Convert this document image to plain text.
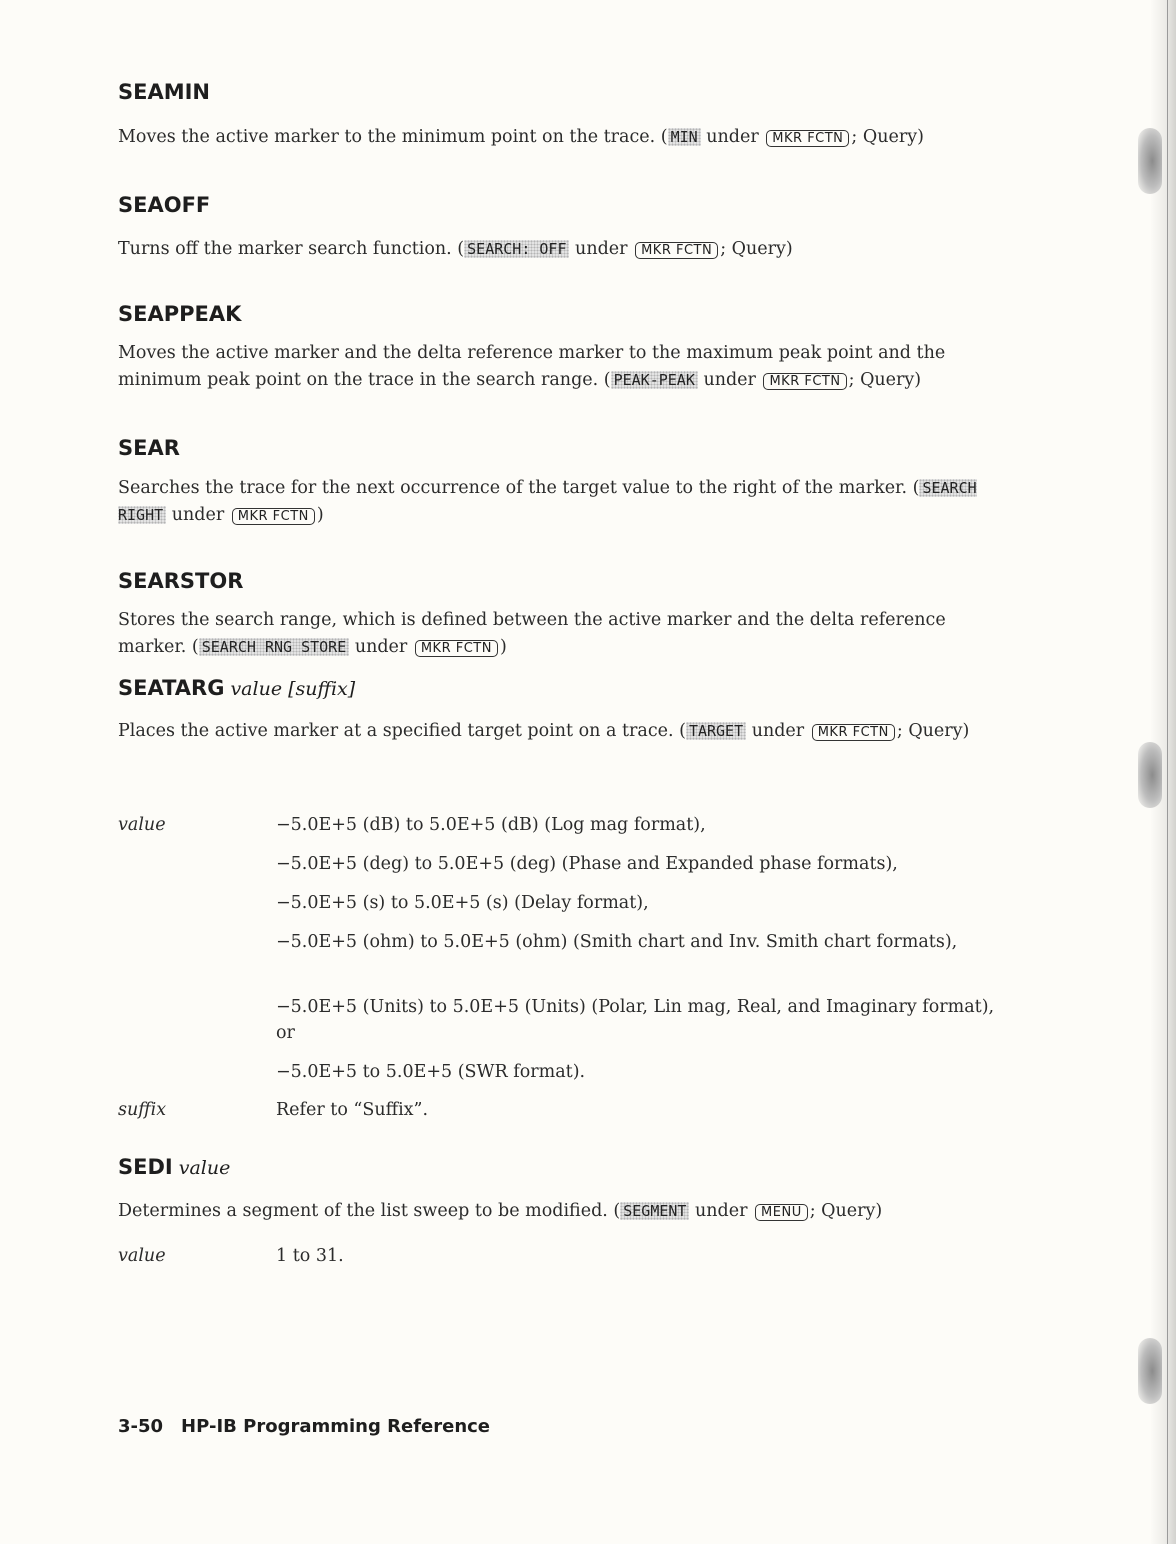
SEAMIN

Moves the active marker to the minimum point on the trace. ( MIN under MKR FCTN ; Query)

SEAOFF

Turns off the marker search function. ( SEARCH: OFF under MKR FCTN ; Query)

SEAPPEAK

Moves the active marker and the delta reference marker to the maximum peak point and the minimum peak point on the trace in the search range. ( PEAK-PEAK under MKR FCTN ; Query)

SEAR

Searches the trace for the next occurrence of the target value to the right of the marker. ( SEARCH RIGHT under MKR FCTN )

SEARSTOR

Stores the search range, which is defined between the active marker and the delta reference marker. ( SEARCH RNG STORE under MKR FCTN )

SEATARG value [suffix]

Places the active marker at a specified target point on a trace. ( TARGET under MKR FCTN ; Query)

value	−5.0E+5 (dB) to 5.0E+5 (dB) (Log mag format),

−5.0E+5 (deg) to 5.0E+5 (deg) (Phase and Expanded phase formats),

−5.0E+5 (s) to 5.0E+5 (s) (Delay format),

−5.0E+5 (ohm) to 5.0E+5 (ohm) (Smith chart and Inv. Smith chart formats),

−5.0E+5 (Units) to 5.0E+5 (Units) (Polar, Lin mag, Real, and Imaginary format), or

−5.0E+5 to 5.0E+5 (SWR format).

suffix	Refer to “Suffix”.

SEDI value

Determines a segment of the list sweep to be modified. ( SEGMENT under MENU ; Query)

value	1 to 31.

3-50 HP-IB Programming Reference
